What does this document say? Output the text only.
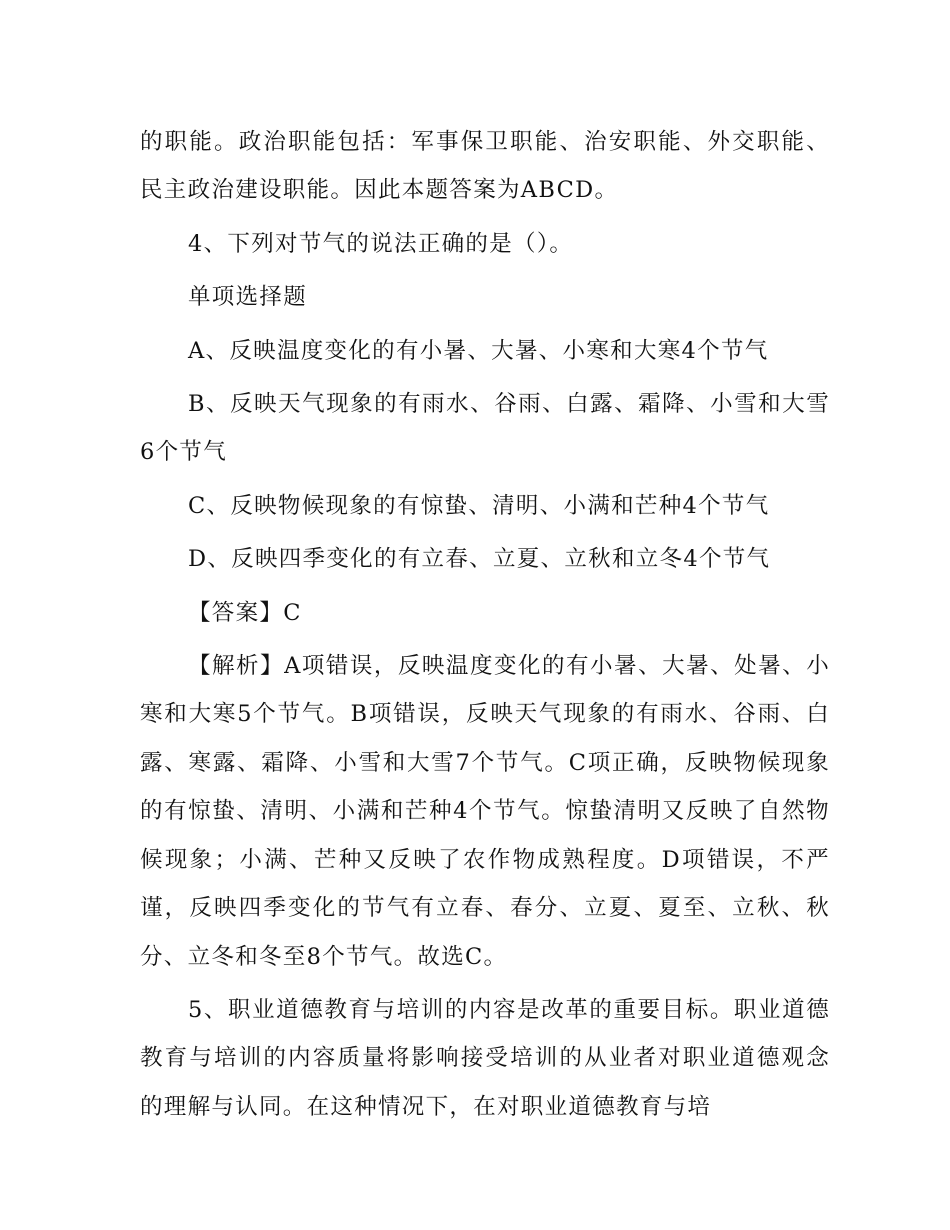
的职能。政治职能包括：军事保卫职能、治安职能、外交职能、民主政治建设职能。因此本题答案为ABCD。

4、下列对节气的说法正确的是（）。

单项选择题

A、反映温度变化的有小暑、大暑、小寒和大寒4个节气

B、反映天气现象的有雨水、谷雨、白露、霜降、小雪和大雪6个节气

C、反映物候现象的有惊蛰、清明、小满和芒种4个节气

D、反映四季变化的有立春、立夏、立秋和立冬4个节气

【答案】C

【解析】A项错误，反映温度变化的有小暑、大暑、处暑、小寒和大寒5个节气。B项错误，反映天气现象的有雨水、谷雨、白露、寒露、霜降、小雪和大雪7个节气。C项正确，反映物候现象的有惊蛰、清明、小满和芒种4个节气。惊蛰清明又反映了自然物候现象；小满、芒种又反映了农作物成熟程度。D项错误，不严谨，反映四季变化的节气有立春、春分、立夏、夏至、立秋、秋分、立冬和冬至8个节气。故选C。

5、职业道德教育与培训的内容是改革的重要目标。职业道德教育与培训的内容质量将影响接受培训的从业者对职业道德观念的理解与认同。在这种情况下，在对职业道德教育与培
